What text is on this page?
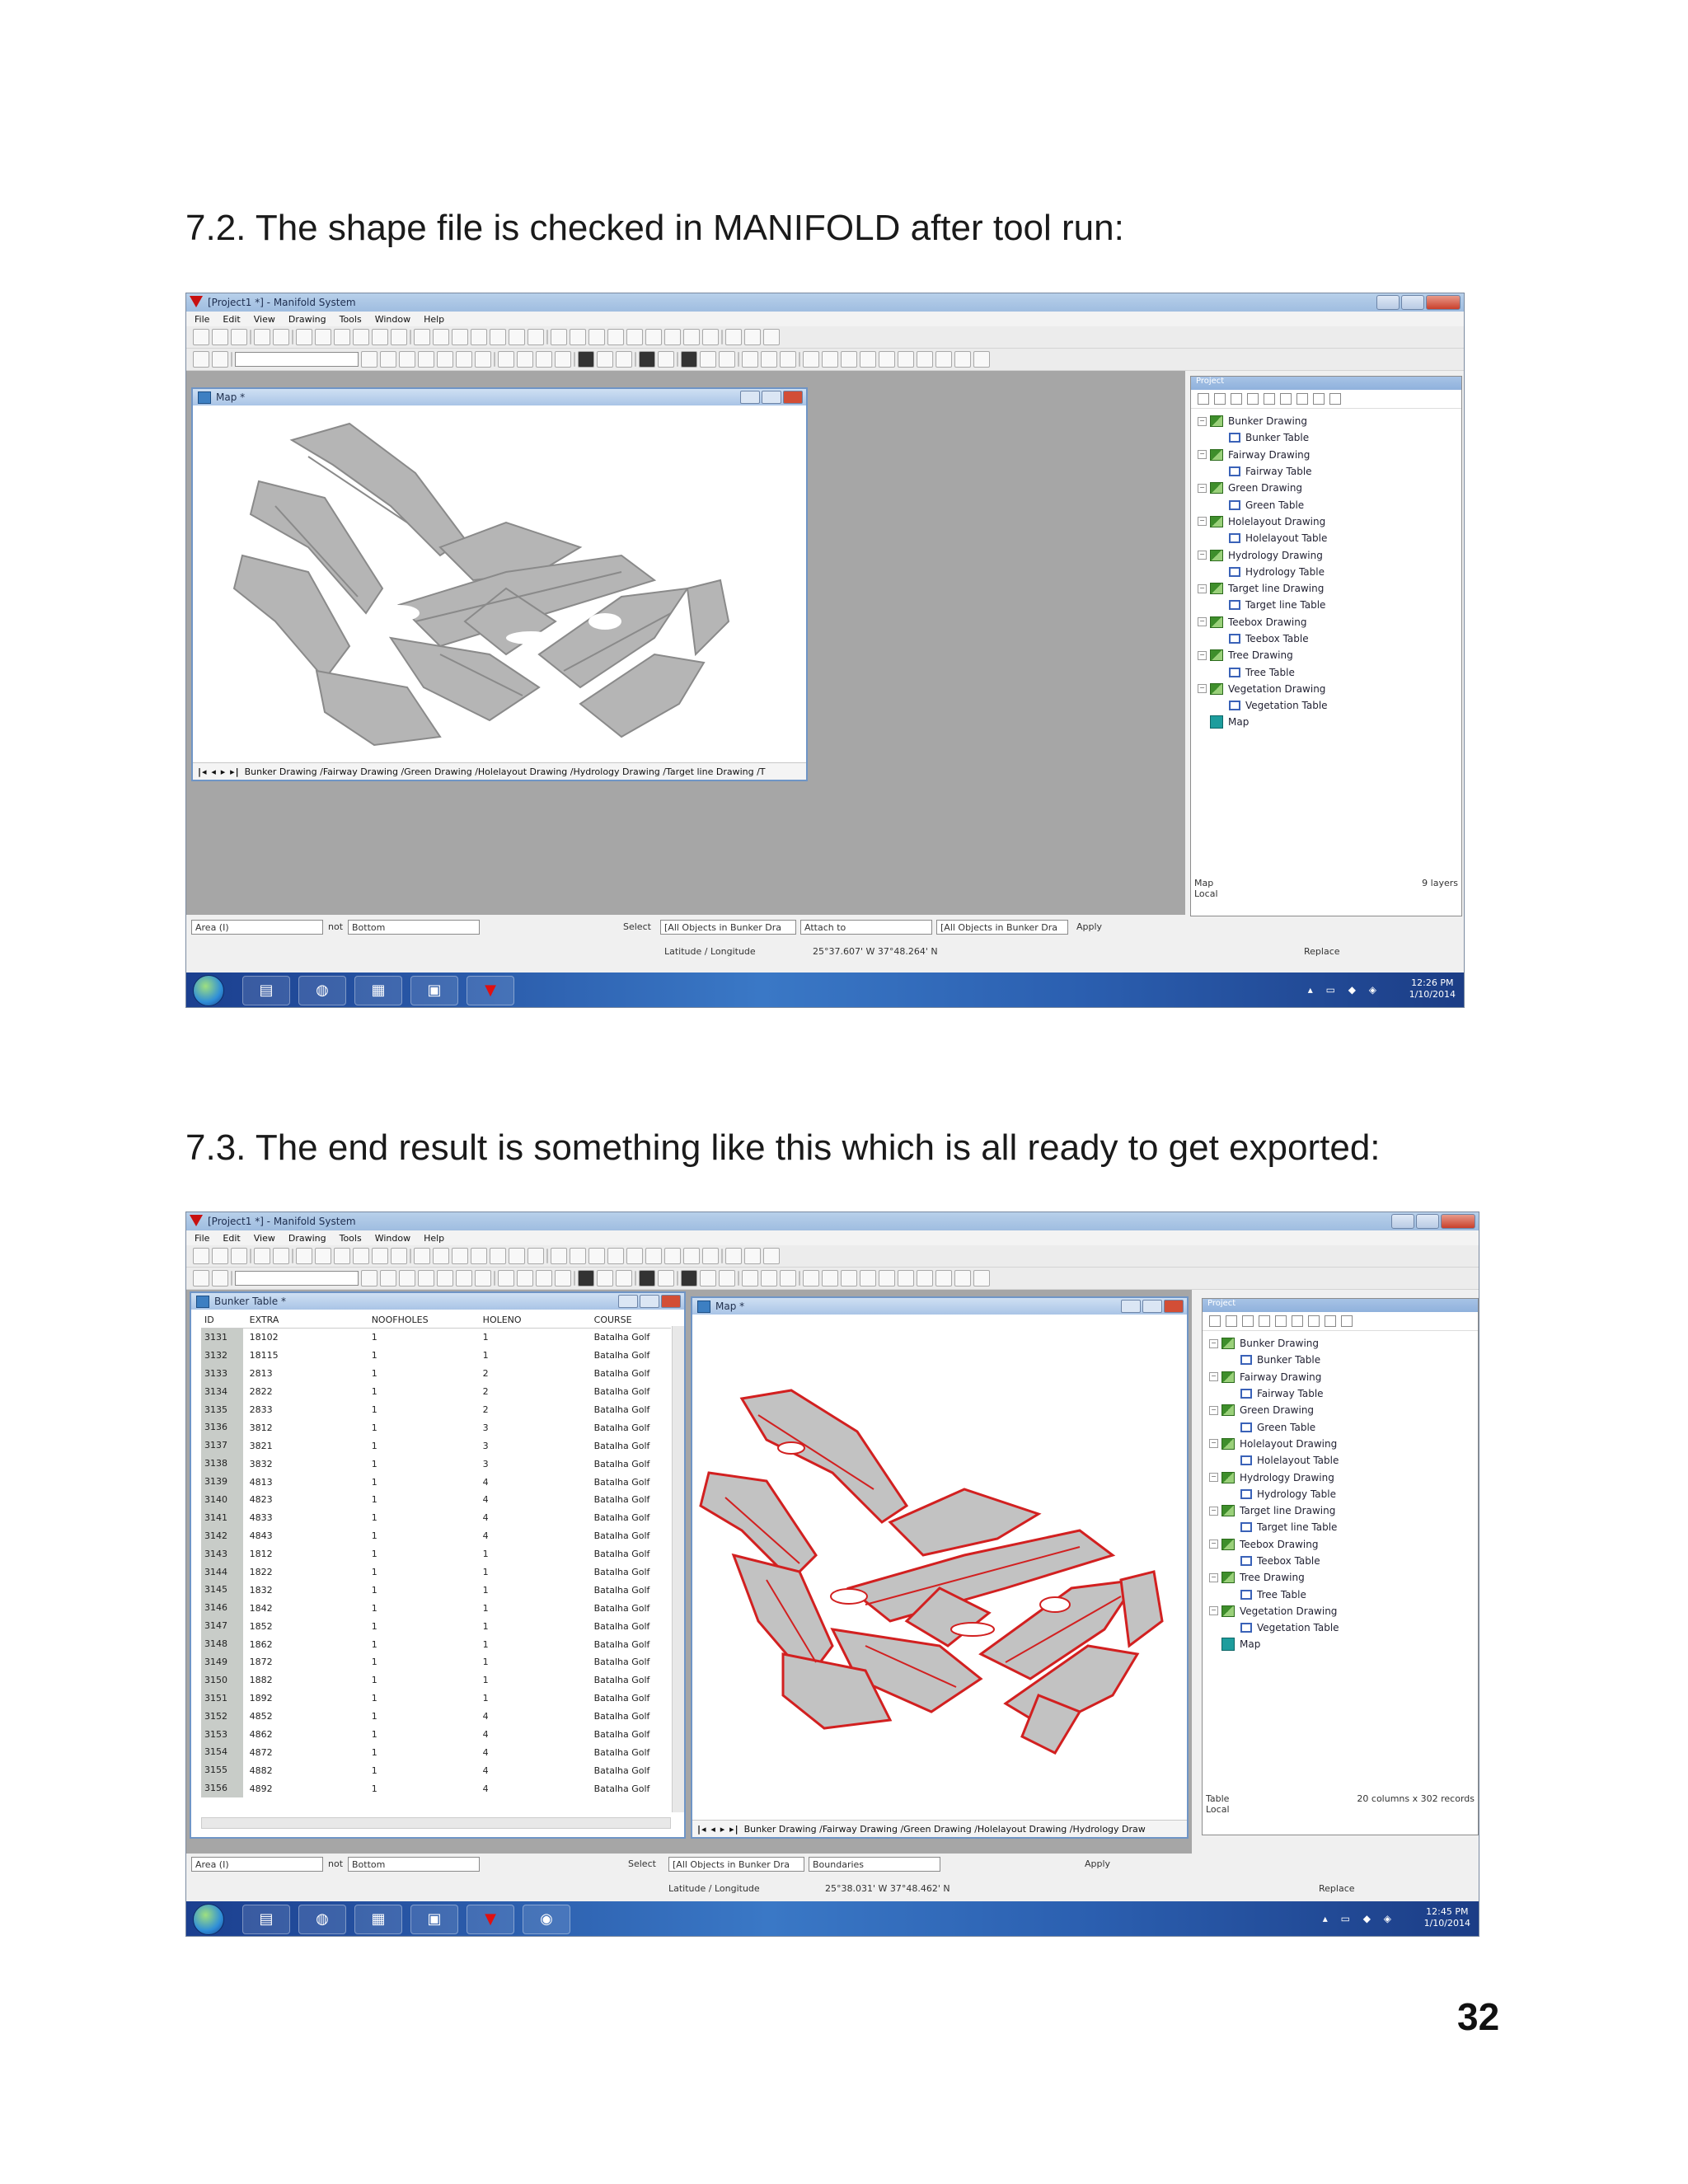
7.2. The shape file is checked in MANIFOLD after tool run:
7.3. The end result is something like this which is all ready to get exported:
[Project1 *] - Manifold System
File Edit View Drawing Tools Window Help
Map *
|◂ ◂ ▸ ▸| Bunker Drawing /Fairway Drawing /Green Drawing /Holelayout Drawing /Hydrology Drawing /Target line Drawing /T
Project
− Bunker Drawing
Bunker Table
− Fairway Drawing
Fairway Table
− Green Drawing
Green Table
− Holelayout Drawing
Holelayout Table
− Hydrology Drawing
Hydrology Table
− Target line Drawing
Target line Table
− Teebox Drawing
Teebox Table
− Tree Drawing
Tree Table
− Vegetation Drawing
Vegetation Table
Map
Map
Local
9 layers
Area (I)	not Bottom	Select	[All Objects in Bunker Dra	Attach to	[All Objects in Bunker Dra	Apply
Latitude / Longitude	25°37.607' W 37°48.264' N	Replace
▤	◍	▦	▣	▼	▴ ▭ ◆ ◈
12:26 PM
1/10/2014
[Project1 *] - Manifold System
File Edit View Drawing Tools Window Help
Bunker Table *
ID	EXTRA	NOOFHOLES	HOLENO	COURSE
3131	18102	1	1	Batalha Golf
3132	18115	1	1	Batalha Golf
3133	2813	1	2	Batalha Golf
3134	2822	1	2	Batalha Golf
3135	2833	1	2	Batalha Golf
3136	3812	1	3	Batalha Golf
3137	3821	1	3	Batalha Golf
3138	3832	1	3	Batalha Golf
3139	4813	1	4	Batalha Golf
3140	4823	1	4	Batalha Golf
3141	4833	1	4	Batalha Golf
3142	4843	1	4	Batalha Golf
3143	1812	1	1	Batalha Golf
3144	1822	1	1	Batalha Golf
3145	1832	1	1	Batalha Golf
3146	1842	1	1	Batalha Golf
3147	1852	1	1	Batalha Golf
3148	1862	1	1	Batalha Golf
3149	1872	1	1	Batalha Golf
3150	1882	1	1	Batalha Golf
3151	1892	1	1	Batalha Golf
3152	4852	1	4	Batalha Golf
3153	4862	1	4	Batalha Golf
3154	4872	1	4	Batalha Golf
3155	4882	1	4	Batalha Golf
3156	4892	1	4	Batalha Golf
Map *
|◂ ◂ ▸ ▸| Bunker Drawing /Fairway Drawing /Green Drawing /Holelayout Drawing /Hydrology Draw
Project
− Bunker Drawing
Bunker Table
− Fairway Drawing
Fairway Table
− Green Drawing
Green Table
− Holelayout Drawing
Holelayout Table
− Hydrology Drawing
Hydrology Table
− Target line Drawing
Target line Table
− Teebox Drawing
Teebox Table
− Tree Drawing
Tree Table
− Vegetation Drawing
Vegetation Table
Map
Table
Local
20 columns x 302 records
Area (I)	not Bottom	Select	[All Objects in Bunker Dra	Boundaries	Apply
Latitude / Longitude	25°38.031' W 37°48.462' N	Replace
▤	◍	▦	▣	▼	◉	▴ ▭ ◆ ◈
12:45 PM
1/10/2014
32
